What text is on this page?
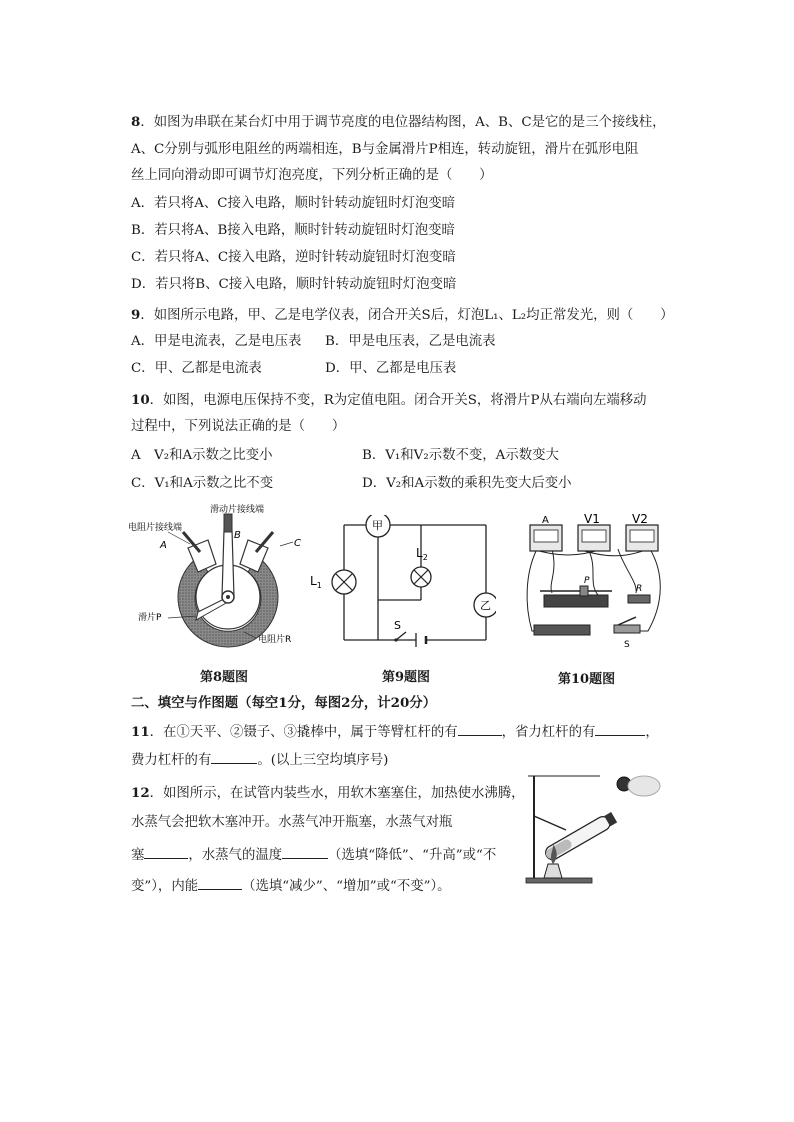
8．如图为串联在某台灯中用于调节亮度的电位器结构图，A、B、C是它的是三个接线柱，
A、C分别与弧形电阻丝的两端相连，B与金属滑片P相连，转动旋钮，滑片在弧形电阻
丝上同向滑动即可调节灯泡亮度，下列分析正确的是（　　）
A．若只将A、C接入电路，顺时针转动旋钮时灯泡变暗
B．若只将A、B接入电路，顺时针转动旋钮时灯泡变暗
C．若只将A、C接入电路，逆时针转动旋钮时灯泡变暗
D．若只将B、C接入电路，顺时针转动旋钮时灯泡变暗
9．如图所示电路，甲、乙是电学仪表，闭合开关S后，灯泡L₁、L₂均正常发光，则（　　）
A．甲是电流表，乙是电压表 B．甲是电压表，乙是电流表
C．甲、乙都是电流表	D．甲、乙都是电压表
10．如图，电源电压保持不变，R为定值电阻。闭合开关S，将滑片P从右端向左端移动
过程中，下列说法正确的是（　　）
A　V₂和A示数之比变小	B．V₁和V₂示数不变，A示数变大
C．V₁和A示数之比不变	D．V₂和A示数的乘积先变大后变小
滑动片接线端
电阻片接线端
A
B
C
滑片P
电阻片R
第8题图
甲
$L_1$
$L_2$
乙
S
第9题图
A	V1	V2
P
R
S
第10题图
二、填空与作图题（每空1分，每图2分，计20分）
11．在①天平、②镊子、③撬棒中，属于等臂杠杆的有	，省力杠杆的有	，
费力杠杆的有	。(以上三空均填序号)
12．如图所示，在试管内装些水，用软木塞塞住，加热使水沸腾，
水蒸气会把软木塞冲开。水蒸气冲开瓶塞，水蒸气对瓶
塞	，水蒸气的温度	（选填“降低”、“升高”或“不
变”），内能	（选填“减少”、“增加”或“不变”）。
